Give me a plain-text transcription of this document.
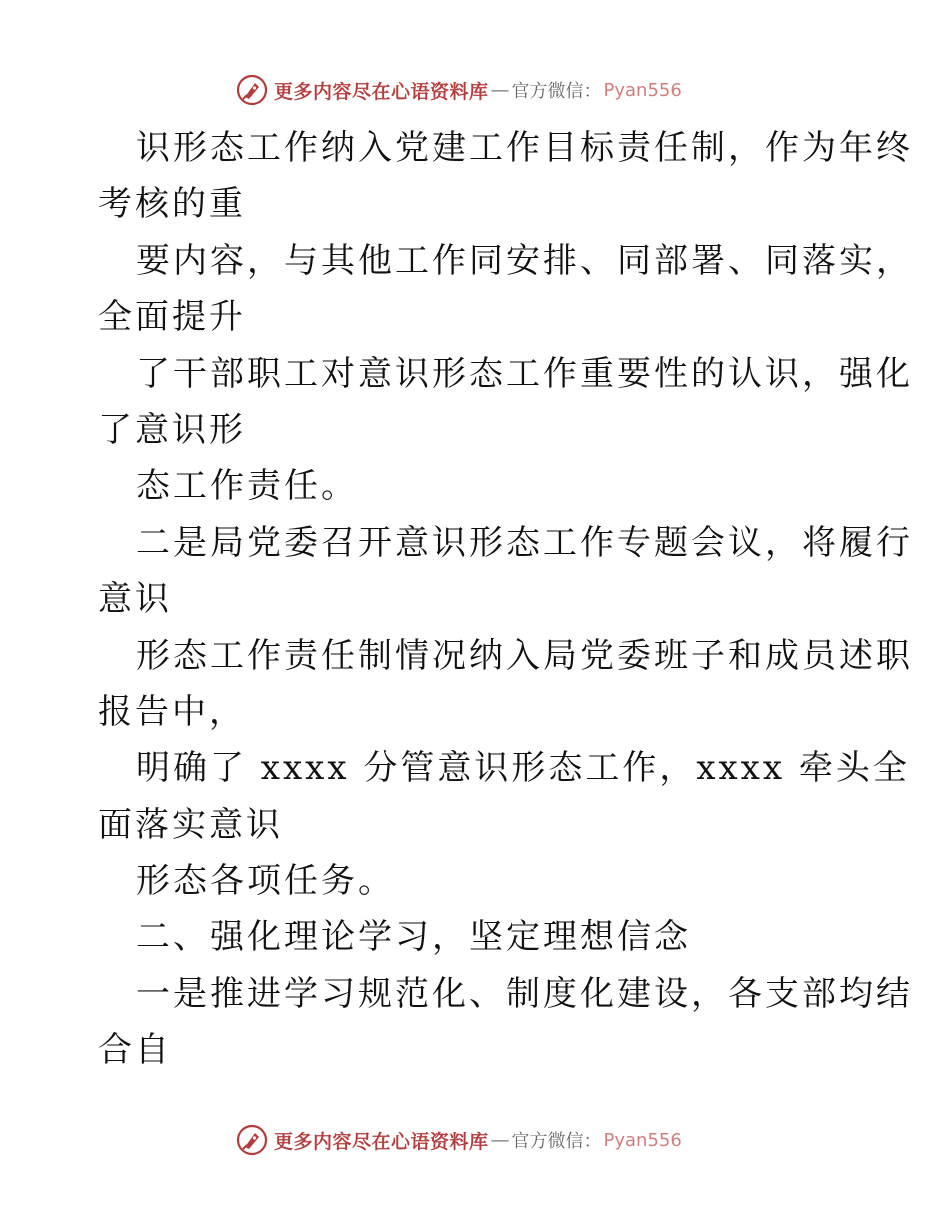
更多内容尽在心语资料库 — 官方微信： Pyan556
识形态工作纳入党建工作目标责任制，作为年终
考核的重
要内容，与其他工作同安排、同部署、同落实，
全面提升
了干部职工对意识形态工作重要性的认识，强化
了意识形
态工作责任。
二是局党委召开意识形态工作专题会议，将履行
意识
形态工作责任制情况纳入局党委班子和成员述职
报告中，
明确了 xxxx 分管意识形态工作，xxxx 牵头全
面落实意识
形态各项任务。
二、强化理论学习，坚定理想信念
一是推进学习规范化、制度化建设，各支部均结
合自
更多内容尽在心语资料库 — 官方微信： Pyan556
